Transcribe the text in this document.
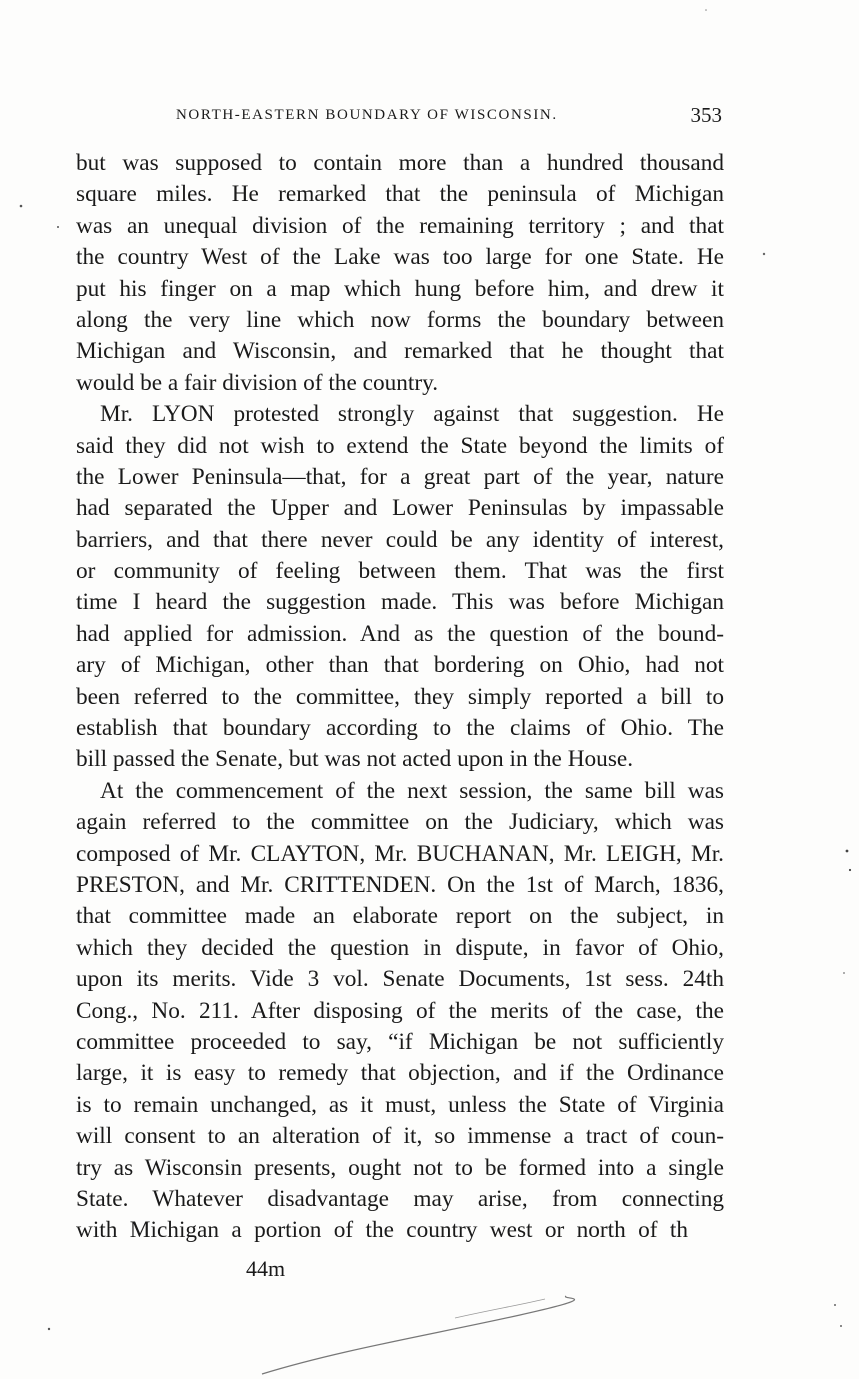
NORTH-EASTERN BOUNDARY OF WISCONSIN.	353
but was supposed to contain more than a hundred thousand
square miles. He remarked that the peninsula of Michigan
was an unequal division of the remaining territory ; and that
the country West of the Lake was too large for one State. He
put his finger on a map which hung before him, and drew it
along the very line which now forms the boundary between
Michigan and Wisconsin, and remarked that he thought that
would be a fair division of the country.
Mr. LYON protested strongly against that suggestion. He
said they did not wish to extend the State beyond the limits of
the Lower Peninsula—that, for a great part of the year, nature
had separated the Upper and Lower Peninsulas by impassable
barriers, and that there never could be any identity of interest,
or community of feeling between them. That was the first
time I heard the suggestion made. This was before Michigan
had applied for admission. And as the question of the bound-
ary of Michigan, other than that bordering on Ohio, had not
been referred to the committee, they simply reported a bill to
establish that boundary according to the claims of Ohio. The
bill passed the Senate, but was not acted upon in the House.
At the commencement of the next session, the same bill was
again referred to the committee on the Judiciary, which was
composed of Mr. CLAYTON, Mr. BUCHANAN, Mr. LEIGH, Mr.
PRESTON, and Mr. CRITTENDEN. On the 1st of March, 1836,
that committee made an elaborate report on the subject, in
which they decided the question in dispute, in favor of Ohio,
upon its merits. Vide 3 vol. Senate Documents, 1st sess. 24th
Cong., No. 211. After disposing of the merits of the case, the
committee proceeded to say, “if Michigan be not sufficiently
large, it is easy to remedy that objection, and if the Ordinance
is to remain unchanged, as it must, unless the State of Virginia
will consent to an alteration of it, so immense a tract of coun-
try as Wisconsin presents, ought not to be formed into a single
State. Whatever disadvantage may arise, from connecting
with Michigan a portion of the country west or north of th
44m
